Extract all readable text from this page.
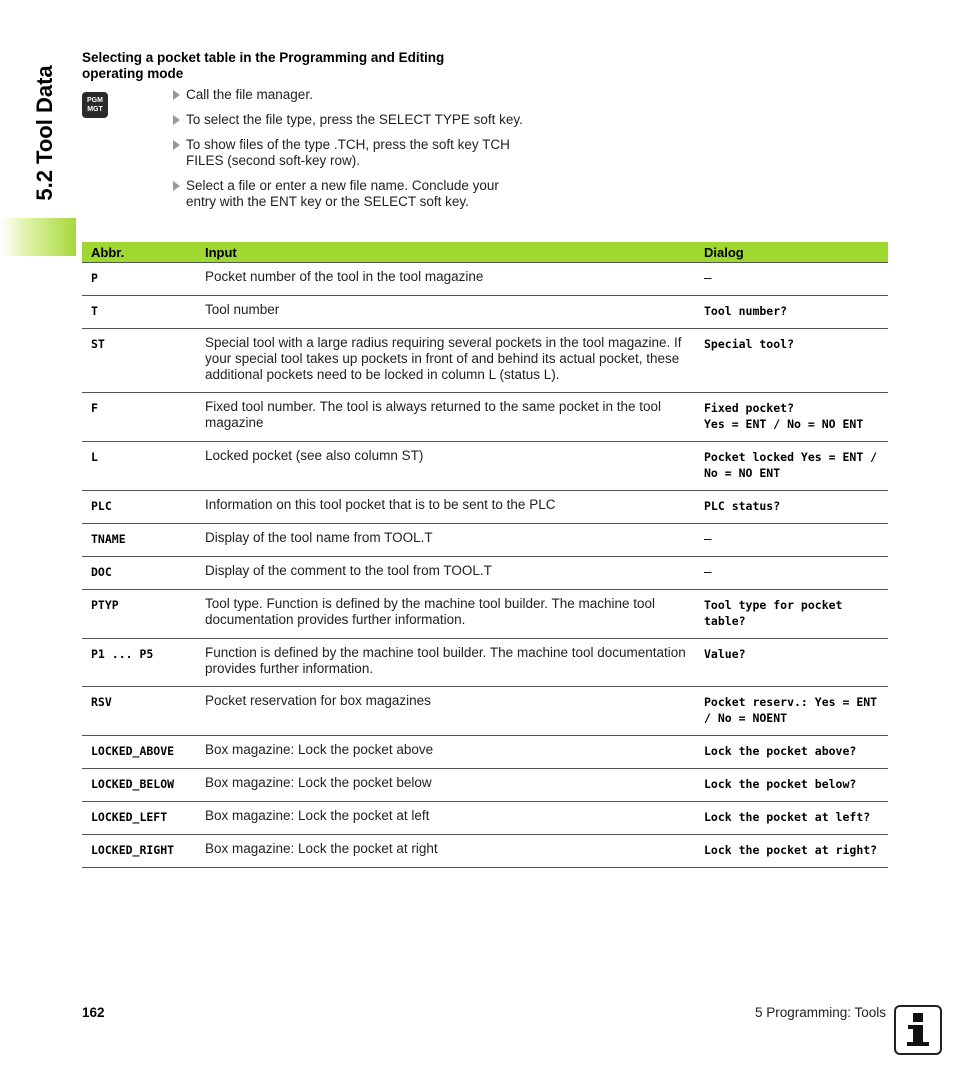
5.2 Tool Data
Selecting a pocket table in the Programming and Editing operating mode
PGM
MGT
Call the file manager.
To select the file type, press the SELECT TYPE soft key.
To show files of the type .TCH, press the soft key TCH FILES (second soft-key row).
Select a file or enter a new file name. Conclude your entry with the ENT key or the SELECT soft key.
Abbr.	Input	Dialog
P	Pocket number of the tool in the tool magazine	–
T	Tool number	Tool number?
ST	Special tool with a large radius requiring several pockets in the tool magazine. If your special tool takes up pockets in front of and behind its actual pocket, these additional pockets need to be locked in column L (status L).	Special tool?
F	Fixed tool number. The tool is always returned to the same pocket in the tool magazine	Fixed pocket?
Yes = ENT / No = NO ENT
L	Locked pocket (see also column ST)	Pocket locked Yes = ENT / No = NO ENT
PLC	Information on this tool pocket that is to be sent to the PLC	PLC status?
TNAME	Display of the tool name from TOOL.T	–
DOC	Display of the comment to the tool from TOOL.T	–
PTYP	Tool type. Function is defined by the machine tool builder. The machine tool documentation provides further information.	Tool type for pocket table?
P1 ... P5	Function is defined by the machine tool builder. The machine tool documentation provides further information.	Value?
RSV	Pocket reservation for box magazines	Pocket reserv.: Yes = ENT / No = NOENT
LOCKED_ABOVE	Box magazine: Lock the pocket above	Lock the pocket above?
LOCKED_BELOW	Box magazine: Lock the pocket below	Lock the pocket below?
LOCKED_LEFT	Box magazine: Lock the pocket at left	Lock the pocket at left?
LOCKED_RIGHT	Box magazine: Lock the pocket at right	Lock the pocket at right?
162	5 Programming: Tools
